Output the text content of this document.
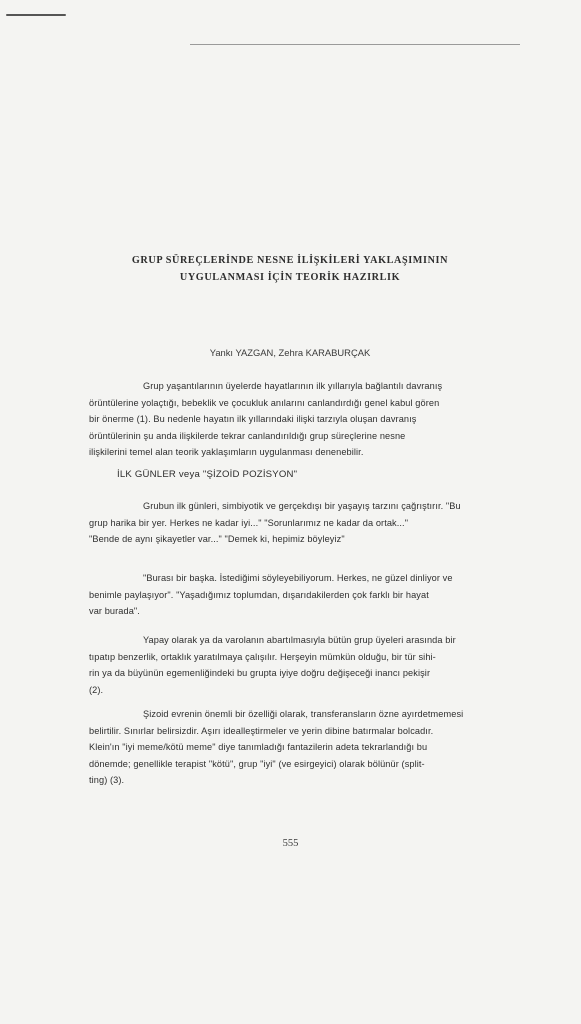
GRUP SÜREÇLERİNDE NESNE İLİŞKİLERİ YAKLAŞIMININ
UYGULANMASI İÇİN TEORİK HAZIRLIK
Yankı YAZGAN, Zehra KARABURÇAK
Grup yaşantılarının üyelerde hayatlarının ilk yıllarıyla bağlantılı davranış
örüntülerine yolaçtığı, bebeklik ve çocukluk anılarını canlandırdığı genel kabul gören
bir önerme (1). Bu nedenle hayatın ilk yıllarındaki ilişki tarzıyla oluşan davranış
örüntülerinin şu anda ilişkilerde tekrar canlandırıldığı grup süreçlerine nesne
ilişkilerini temel alan teorik yaklaşımların uygulanması denenebilir.
İLK GÜNLER veya "ŞİZOİD POZİSYON"
Grubun ilk günleri, simbiyotik ve gerçekdışı bir yaşayış tarzını çağrıştırır. "Bu
grup harika bir yer. Herkes ne kadar iyi..." "Sorunlarımız ne kadar da ortak..."
"Bende de aynı şikayetler var..." "Demek ki, hepimiz böyleyiz"
"Burası bir başka. İstediğimi söyleyebiliyorum. Herkes, ne güzel dinliyor ve
benimle paylaşıyor". "Yaşadığımız toplumdan, dışarıdakilerden çok farklı bir hayat
var burada".
Yapay olarak ya da varolanın abartılmasıyla bütün grup üyeleri arasında bir
tıpatıp benzerlik, ortaklık yaratılmaya çalışılır. Herşeyin mümkün olduğu, bir tür sihi-
rin ya da büyünün egemenliğindeki bu grupta iyiye doğru değişeceği inancı pekişir
(2).
Şizoid evrenin önemli bir özelliği olarak, transferansların özne ayırdetmemesi
belirtilir. Sınırlar belirsizdir. Aşırı idealleştirmeler ve yerin dibine batırmalar bolcadır.
Klein'ın "iyi meme/kötü meme" diye tanımladığı fantazilerin adeta tekrarlandığı bu
dönemde; genellikle terapist "kötü", grup "iyi" (ve esirgeyici) olarak bölünür (split-
ting) (3).
555
